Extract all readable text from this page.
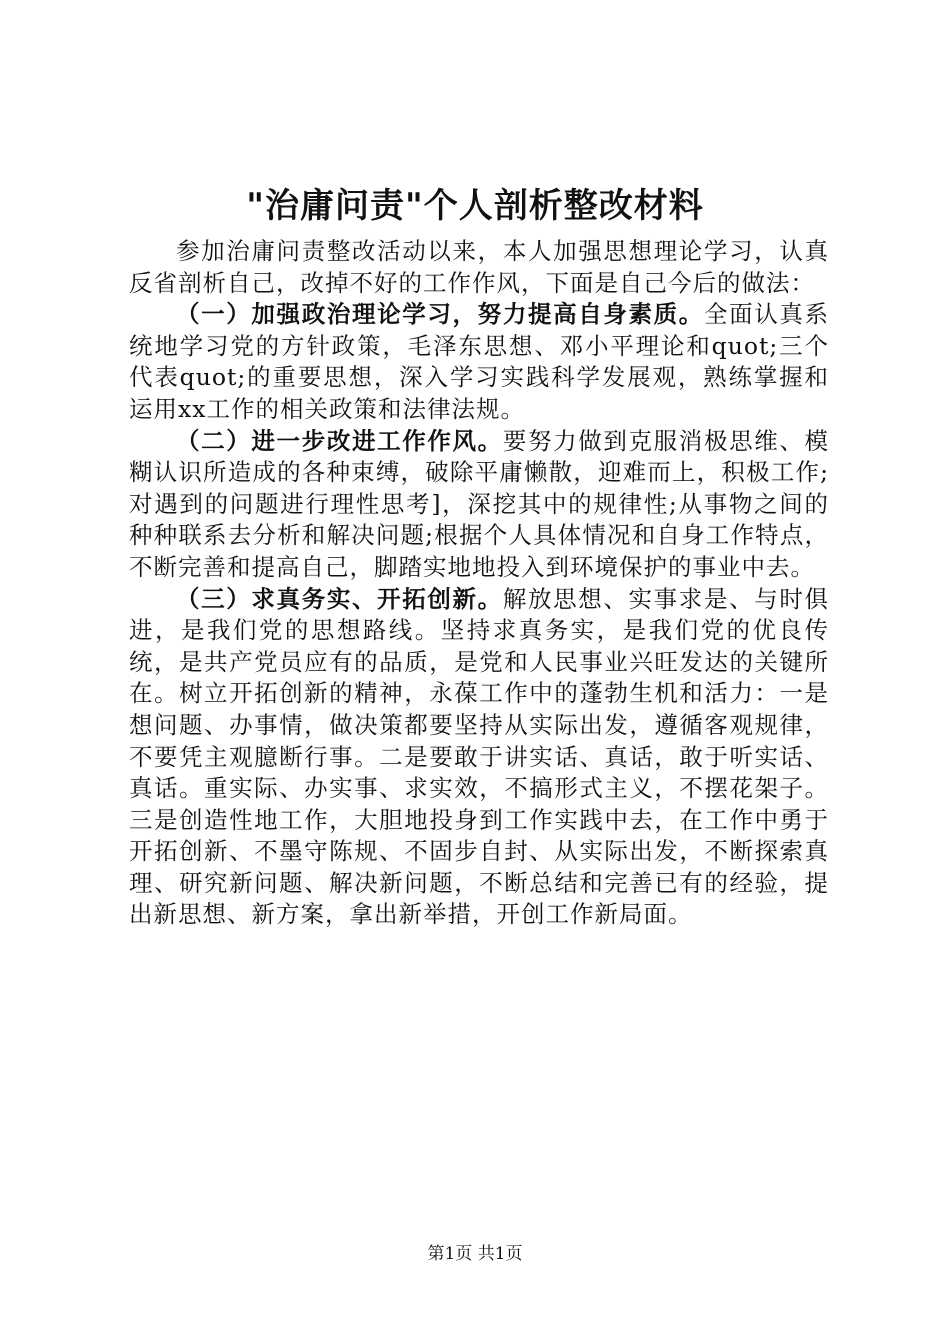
"治庸问责"个人剖析整改材料

参加治庸问责整改活动以来，本人加强思想理论学习，认真反省剖析自己，改掉不好的工作作风，下面是自己今后的做法：

（一）加强政治理论学习，努力提高自身素质。全面认真系统地学习党的方针政策，毛泽东思想、邓小平理论和quot;三个代表quot;的重要思想，深入学习实践科学发展观，熟练掌握和运用xx工作的相关政策和法律法规。

（二）进一步改进工作作风。要努力做到克服消极思维、模糊认识所造成的各种束缚，破除平庸懒散，迎难而上，积极工作;对遇到的问题进行理性思考]，深挖其中的规律性;从事物之间的种种联系去分析和解决问题;根据个人具体情况和自身工作特点，不断完善和提高自己，脚踏实地地投入到环境保护的事业中去。

（三）求真务实、开拓创新。解放思想、实事求是、与时俱进，是我们党的思想路线。坚持求真务实，是我们党的优良传统，是共产党员应有的品质，是党和人民事业兴旺发达的关键所在。树立开拓创新的精神，永葆工作中的蓬勃生机和活力：一是想问题、办事情，做决策都要坚持从实际出发，遵循客观规律，不要凭主观臆断行事。二是要敢于讲实话、真话，敢于听实话、真话。重实际、办实事、求实效，不搞形式主义，不摆花架子。三是创造性地工作，大胆地投身到工作实践中去，在工作中勇于开拓创新、不墨守陈规、不固步自封、从实际出发，不断探索真理、研究新问题、解决新问题，不断总结和完善已有的经验，提出新思想、新方案，拿出新举措，开创工作新局面。

第1页 共1页
